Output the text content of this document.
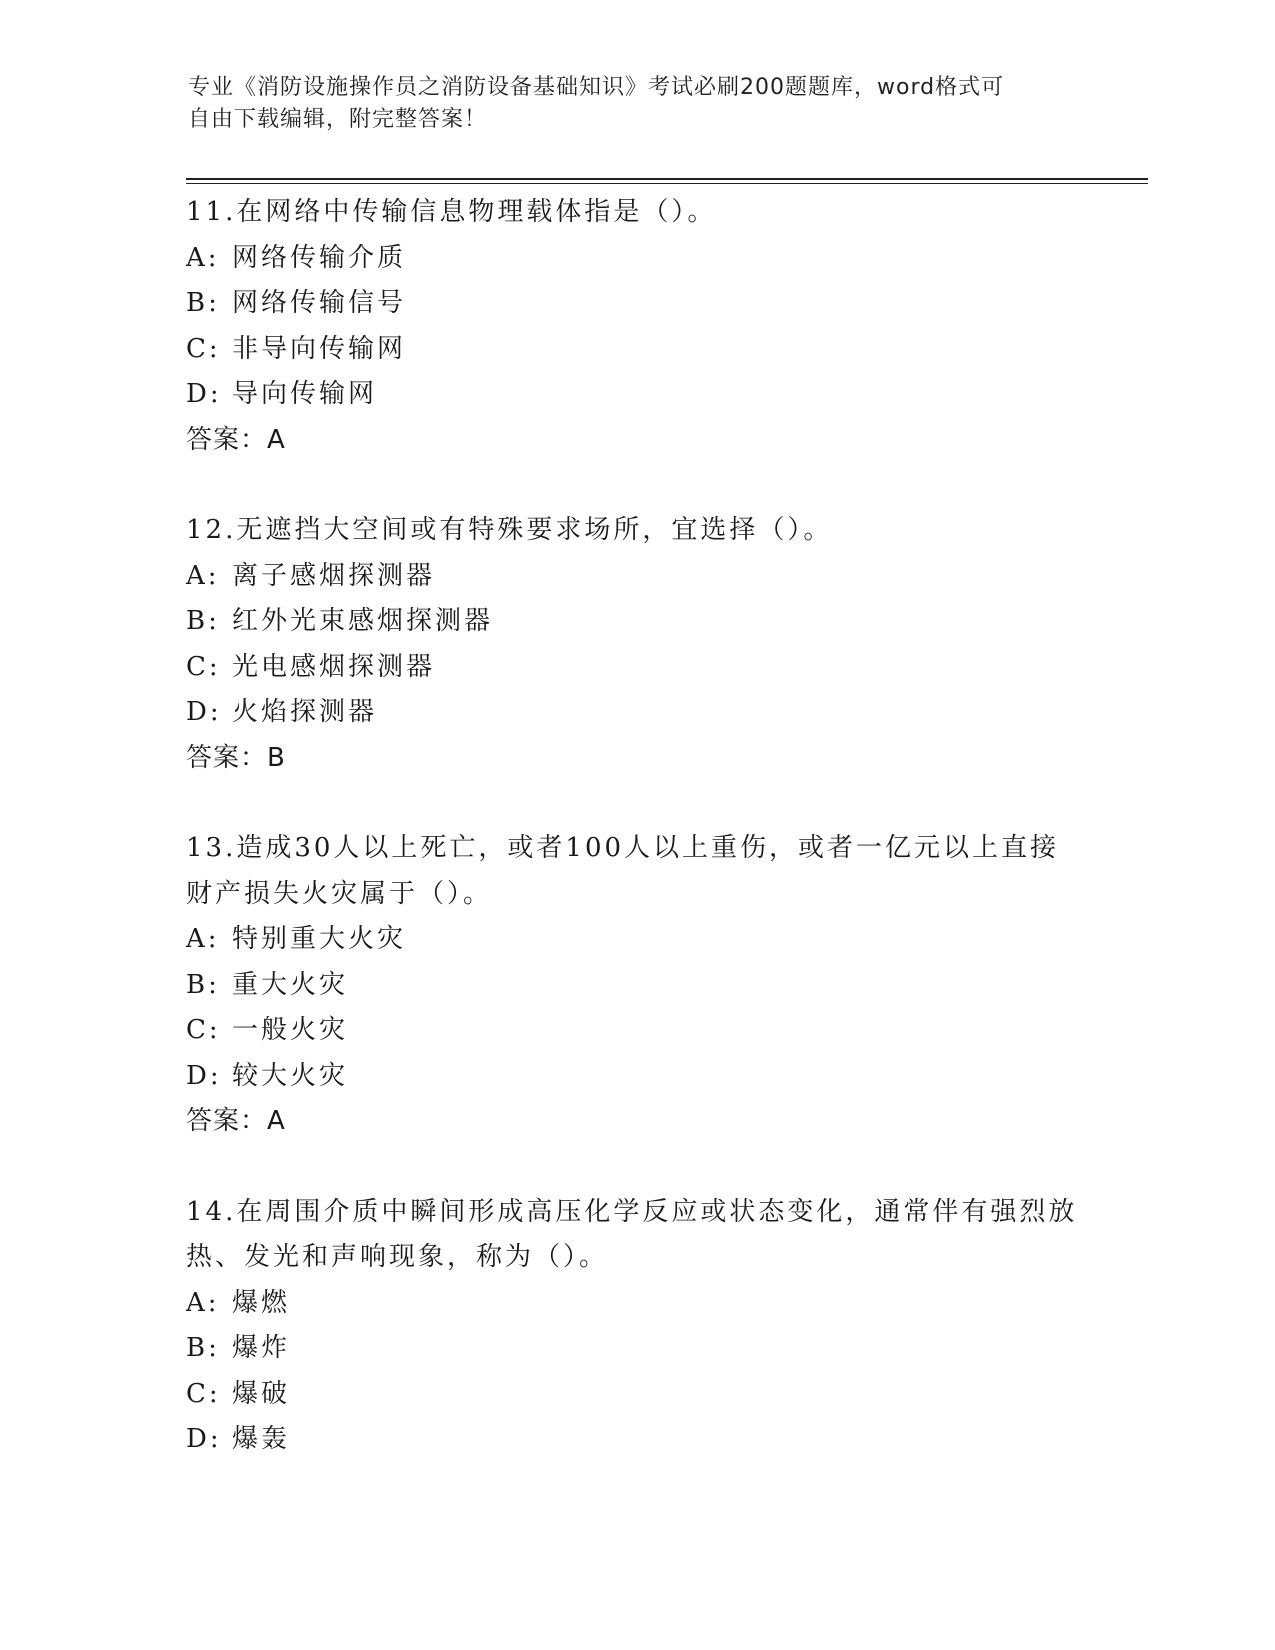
专业《消防设施操作员之消防设备基础知识》考试必刷200题题库，word格式可
自由下载编辑，附完整答案！
11.在网络中传输信息物理载体指是（）。
A: 网络传输介质
B: 网络传输信号
C: 非导向传输网
D: 导向传输网
答案：A
12.无遮挡大空间或有特殊要求场所，宜选择（）。
A: 离子感烟探测器
B: 红外光束感烟探测器
C: 光电感烟探测器
D: 火焰探测器
答案：B
13.造成30人以上死亡，或者100人以上重伤，或者一亿元以上直接
财产损失火灾属于（）。
A: 特别重大火灾
B: 重大火灾
C: 一般火灾
D: 较大火灾
答案：A
14.在周围介质中瞬间形成高压化学反应或状态变化，通常伴有强烈放
热、发光和声响现象，称为（）。
A: 爆燃
B: 爆炸
C: 爆破
D: 爆轰
